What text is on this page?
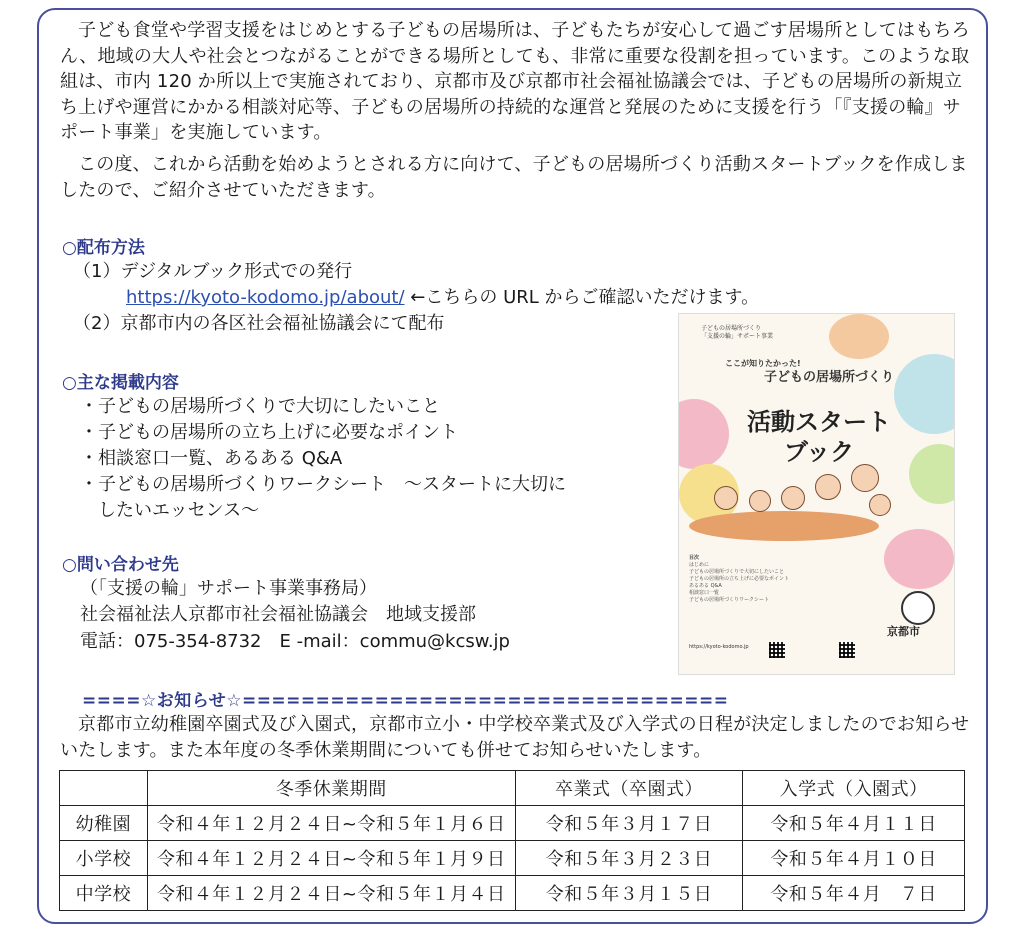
子ども食堂や学習支援をはじめとする子どもの居場所は、子どもたちが安心して過ごす居場所としてはもちろん、地域の大人や社会とつながることができる場所としても、非常に重要な役割を担っています。このような取組は、市内 120 か所以上で実施されており、京都市及び京都市社会福祉協議会では、子どもの居場所の新規立ち上げや運営にかかる相談対応等、子どもの居場所の持続的な運営と発展のために支援を行う「『支援の輪』サポート事業」を実施しています。

この度、これから活動を始めようとされる方に向けて、子どもの居場所づくり活動スタートブックを作成しましたので、ご紹介させていただきます。

○配布方法

（1）デジタルブック形式での発行

https://kyoto-kodomo.jp/about/ ←こちらの URL からご確認いただけます。

（2）京都市内の各区社会福祉協議会にて配布

○主な掲載内容

・子どもの居場所づくりで大切にしたいこと

・子どもの居場所の立ち上げに必要なポイント

・相談窓口一覧、あるある Q&A

・子どもの居場所づくりワークシート　～スタートに大切に

　したいエッセンス～

○問い合わせ先

（「支援の輪」サポート事業事務局）

社会福祉法人京都市社会福祉協議会　地域支援部

電話：075-354-8732　E -mail：commu@kcsw.jp

子どもの居場所づくり
「支援の輪」サポート事業
ここが知りたかった!
子どもの居場所づくり
活動スタート
ブック
目次
はじめに
子どもの居場所づくりで大切にしたいこと
子どもの居場所の立ち上げに必要なポイント
あるある Q&A
相談窓口一覧
子どもの居場所づくりワークシート
京都市
https://kyoto-kodomo.jp
====☆お知らせ☆=================================

京都市立幼稚園卒園式及び入園式，京都市立小・中学校卒業式及び入学式の日程が決定しましたのでお知らせいたします。また本年度の冬季休業期間についても併せてお知らせいたします。

	冬季休業期間	卒業式（卒園式）	入学式（入園式）
幼稚園	令和４年１２月２４日~令和５年１月６日	令和５年３月１７日	令和５年４月１１日
小学校	令和４年１２月２４日~令和５年１月９日	令和５年３月２３日	令和５年４月１０日
中学校	令和４年１２月２４日~令和５年１月４日	令和５年３月１５日	令和５年４月　７日
